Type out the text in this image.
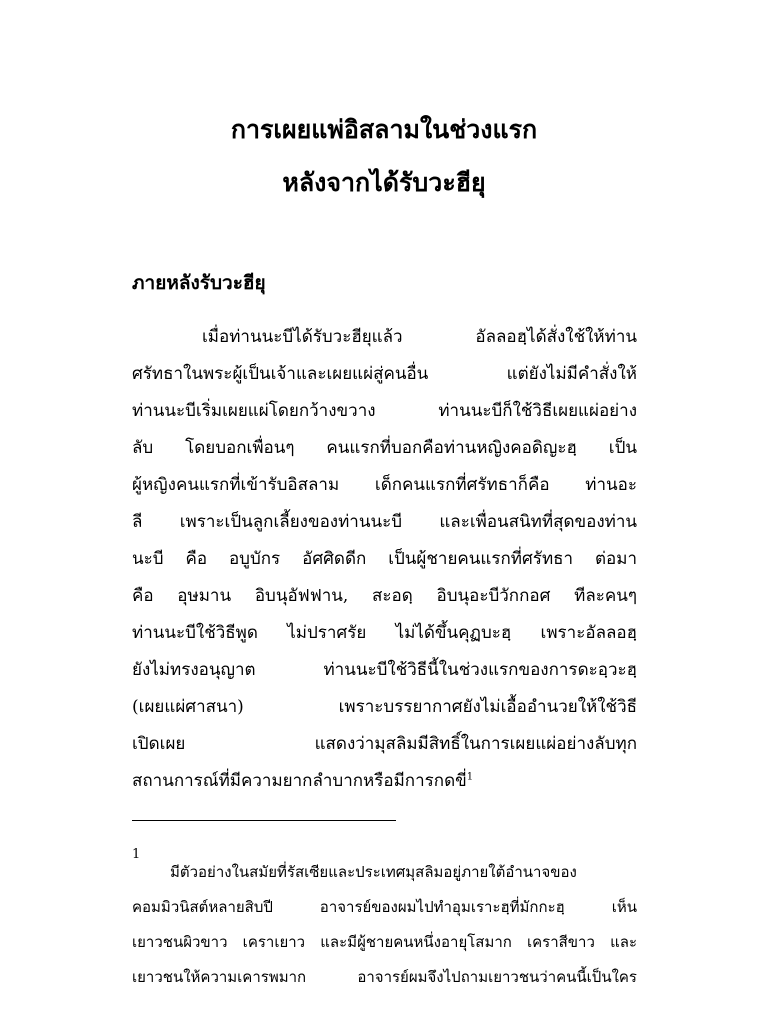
การเผยแพ่อิสลามในช่วงแรก
หลังจากได้รับวะฮียุ
ภายหลังรับวะฮียุ
เมื่อท่านนะบีได้รับวะฮียุแล้ว อัลลอฮฺได้สั่งใช้ให้ท่าน
ศรัทธาในพระผู้เป็นเจ้าและเผยแผ่สู่คนอื่น แต่ยังไม่มีคำสั่งให้
ท่านนะบีเริ่มเผยแผ่โดยกว้างขวาง ท่านนะบีก็ใช้วิธีเผยแผ่อย่าง
ลับ โดยบอกเพื่อนๆ คนแรกที่บอกคือท่านหญิงคอดิญะฮฺ เป็น
ผู้หญิงคนแรกที่เข้ารับอิสลาม เด็กคนแรกที่ศรัทธาก็คือ ท่านอะ
ลี เพราะเป็นลูกเลี้ยงของท่านนะบี และเพื่อนสนิทที่สุดของท่าน
นะบี คือ อบูบักร อัศศิดดีก เป็นผู้ชายคนแรกที่ศรัทธา ต่อมา
คือ อุษมาน อิบนุอัฟฟาน, สะอดฺ อิบนุอะบีวักกอศ ทีละคนๆ
ท่านนะบีใช้วิธีพูด ไม่ปราศรัย ไม่ได้ขึ้นคุฏบะฮฺ เพราะอัลลอฮฺ
ยังไม่ทรงอนุญาต ท่านนะบีใช้วิธีนี้ในช่วงแรกของการดะอฺวะฮฺ
(เผยแผ่ศาสนา) เพราะบรรยากาศยังไม่เอื้ออำนวยให้ใช้วิธี
เปิดเผย แสดงว่ามุสลิมมีสิทธิ์ในการเผยแผ่อย่างลับทุก
สถานการณ์ที่มีความยากลำบากหรือมีการกดขี่$^1$
1
มีตัวอย่างในสมัยที่รัสเซียและประเทศมุสลิมอยู่ภายใต้อำนาจของ
คอมมิวนิสต์หลายสิบปี อาจารย์ของผมไปทำอุมเราะฮฺที่มักกะฮฺ เห็น
เยาวชนผิวขาว เคราเยาว และมีผู้ชายคนหนึ่งอายุโสมาก เคราสีขาว และ
เยาวชนให้ความเคารพมาก อาจารย์ผมจึงไปถามเยาวชนว่าคนนี้เป็นใคร
